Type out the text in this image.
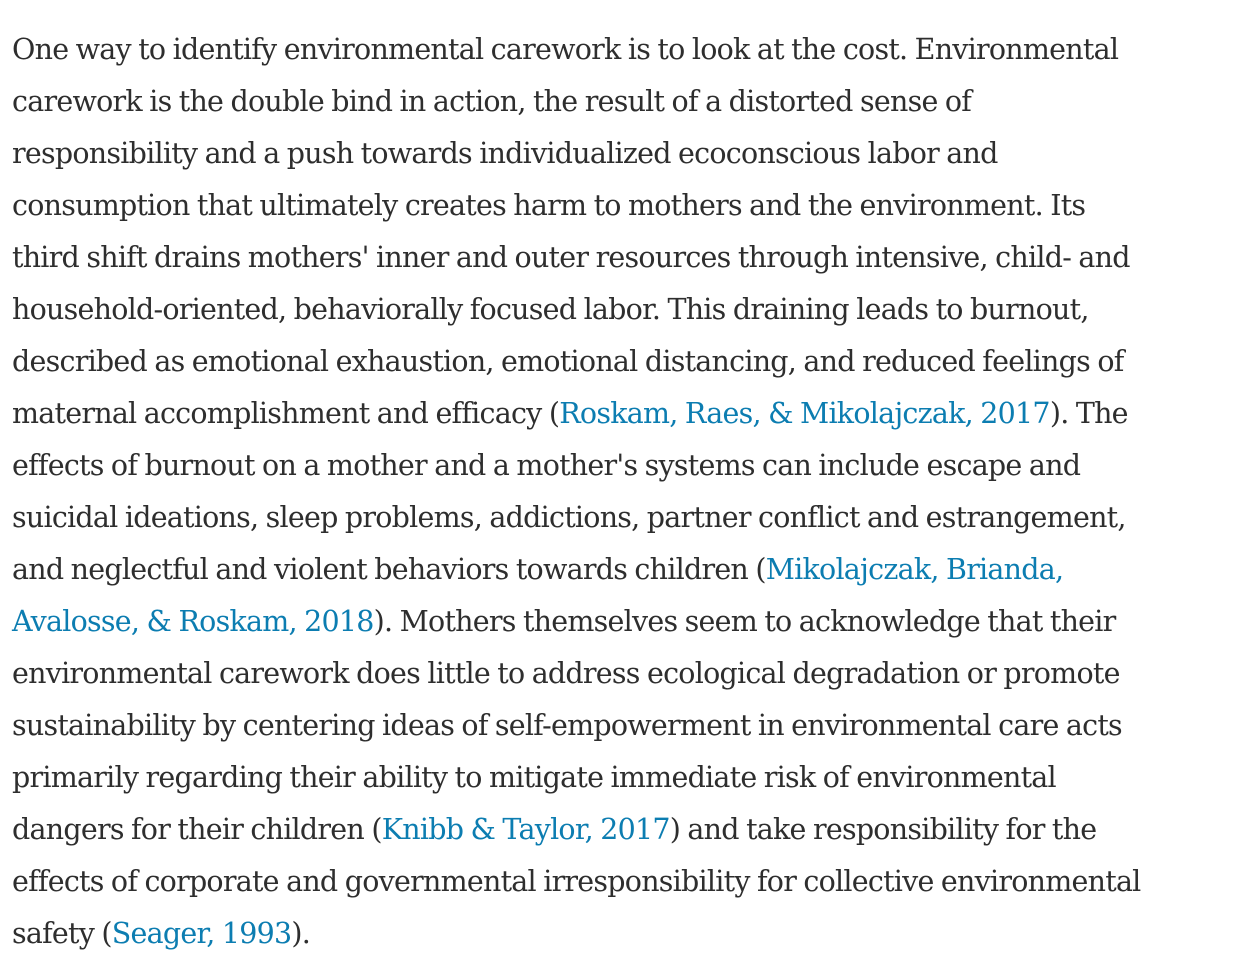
One way to identify environmental carework is to look at the cost. Environmental
carework is the double bind in action, the result of a distorted sense of
responsibility and a push towards individualized ecoconscious labor and
consumption that ultimately creates harm to mothers and the environment. Its
third shift drains mothers' inner and outer resources through intensive, child- and
household-oriented, behaviorally focused labor. This draining leads to burnout,
described as emotional exhaustion, emotional distancing, and reduced feelings of
maternal accomplishment and efficacy (Roskam, Raes, & Mikolajczak, 2017). The
effects of burnout on a mother and a mother's systems can include escape and
suicidal ideations, sleep problems, addictions, partner conflict and estrangement,
and neglectful and violent behaviors towards children (Mikolajczak, Brianda,
Avalosse, & Roskam, 2018). Mothers themselves seem to acknowledge that their
environmental carework does little to address ecological degradation or promote
sustainability by centering ideas of self-empowerment in environmental care acts
primarily regarding their ability to mitigate immediate risk of environmental
dangers for their children (Knibb & Taylor, 2017) and take responsibility for the
effects of corporate and governmental irresponsibility for collective environmental
safety (Seager, 1993).
